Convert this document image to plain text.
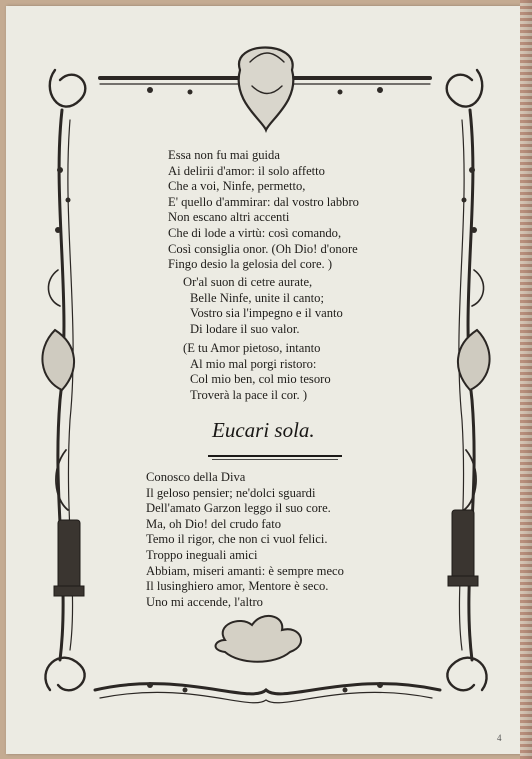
Essa non fu mai guida
Ai delirii d'amor: il solo affetto
Che a voi, Ninfe, permetto,
E' quello d'ammirar: dal vostro labbro
Non escano altri accenti
Che di lode a virtù: così comando,
Così consiglia onor. (Oh Dio! d'onore
Fingo desio la gelosia del core. )
Or'al suon di cetre aurate,
Belle Ninfe, unite il canto;
Vostro sia l'impegno e il vanto
Di lodare il suo valor.
(E tu Amor pietoso, intanto
Al mio mal porgi ristoro:
Col mio ben, col mio tesoro
Troverà la pace il cor. )
Eucari sola.
Conosco della Diva
Il geloso pensier; ne'dolci sguardi
Dell'amato Garzon leggo il suo core.
Ma, oh Dio! del crudo fato
Temo il rigor, che non ci vuol felici.
Troppo ineguali amici
Abbiam, miseri amanti: è sempre meco
Il lusinghiero amor, Mentore è seco.
Uno mi accende, l'altro
4
